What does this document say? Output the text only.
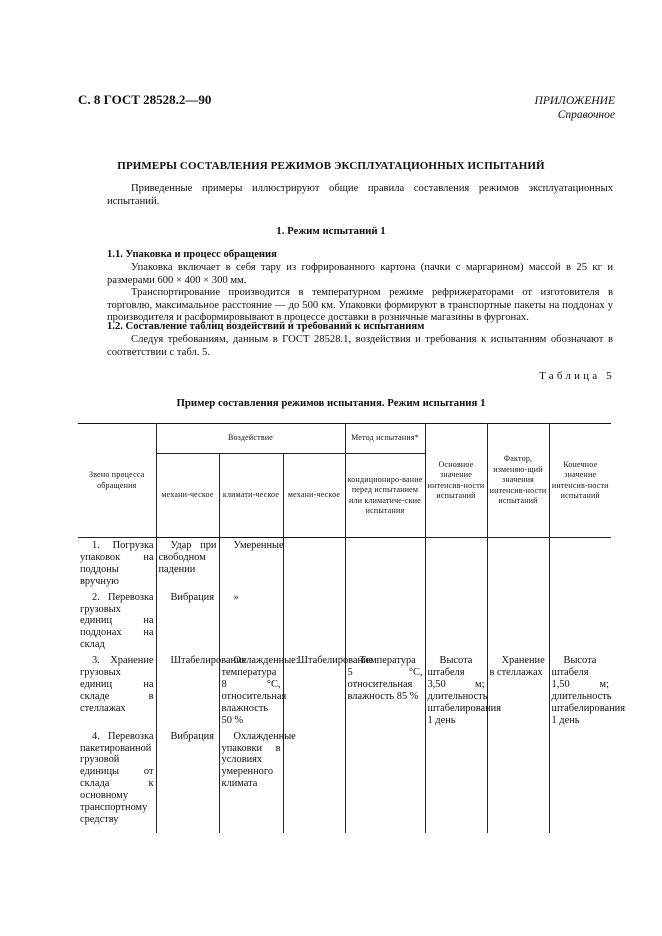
С. 8 ГОСТ 28528.2—90	ПРИЛОЖЕНИЕ
Справочное
ПРИМЕРЫ СОСТАВЛЕНИЯ РЕЖИМОВ ЭКСПЛУАТАЦИОННЫХ ИСПЫТАНИЙ
Приведенные примеры иллюстрируют общие правила составления режимов эксплуатационных испытаний.
1. Режим испытаний 1
1.1. Упаковка и процесс обращения
Упаковка включает в себя тару из гофрированного картона (пачки с маргарином) массой в 25 кг и размерами 600 × 400 × 300 мм.
Транспортирование производится в температурном режиме рефрижераторами от изготовителя в торговлю, максимальное расстояние — до 500 км. Упаковки формируют в транспортные пакеты на поддонах у производителя и расформировывают в процессе доставки в розничные магазины в фургонах.
1.2. Составление таблиц воздействий и требований к испытаниям
Следуя требованиям, данным в ГОСТ 28528.1, воздействия и требования к испытаниям обозначают в соответствии с табл. 5.
Таблица 5
Пример составления режимов испытания. Режим испытания 1
Звено процесса обращения	Воздействие			Метод испытания*	Основное значение интенсив-ности испытаний	Фактор, изменяю-щий значения интенсив-ности испытаний	Конечное значение интенсив-ности испытаний
	механи-ческое	климати-ческое	механи-ческое	кондициониро-вание перед испытанием или климатиче-ские испытания			
1. Погрузка упаковок на поддоны вручную	Удар при свободном падении	Умеренные					
2. Перевозка грузовых единиц на поддонах на склад	Вибрация	»					
3. Хранение грузовых единиц на складе в стеллажах	Штабелирование	Охлажденные: температура 8 °С, относительная влажность 50 %	Штабелирование	Температура 5 °С, относительная влажность 85 %	Высота штабеля 3,50 м; длительность штабелирования 1 день	Хранение в стеллажах	Высота штабеля 1,50 м; длительность штабелирования 1 день
4. Перевозка пакетированной грузовой единицы от склада к основному транспортному средству	Вибрация	Охлажденные упаковки в условиях умеренного климата					
